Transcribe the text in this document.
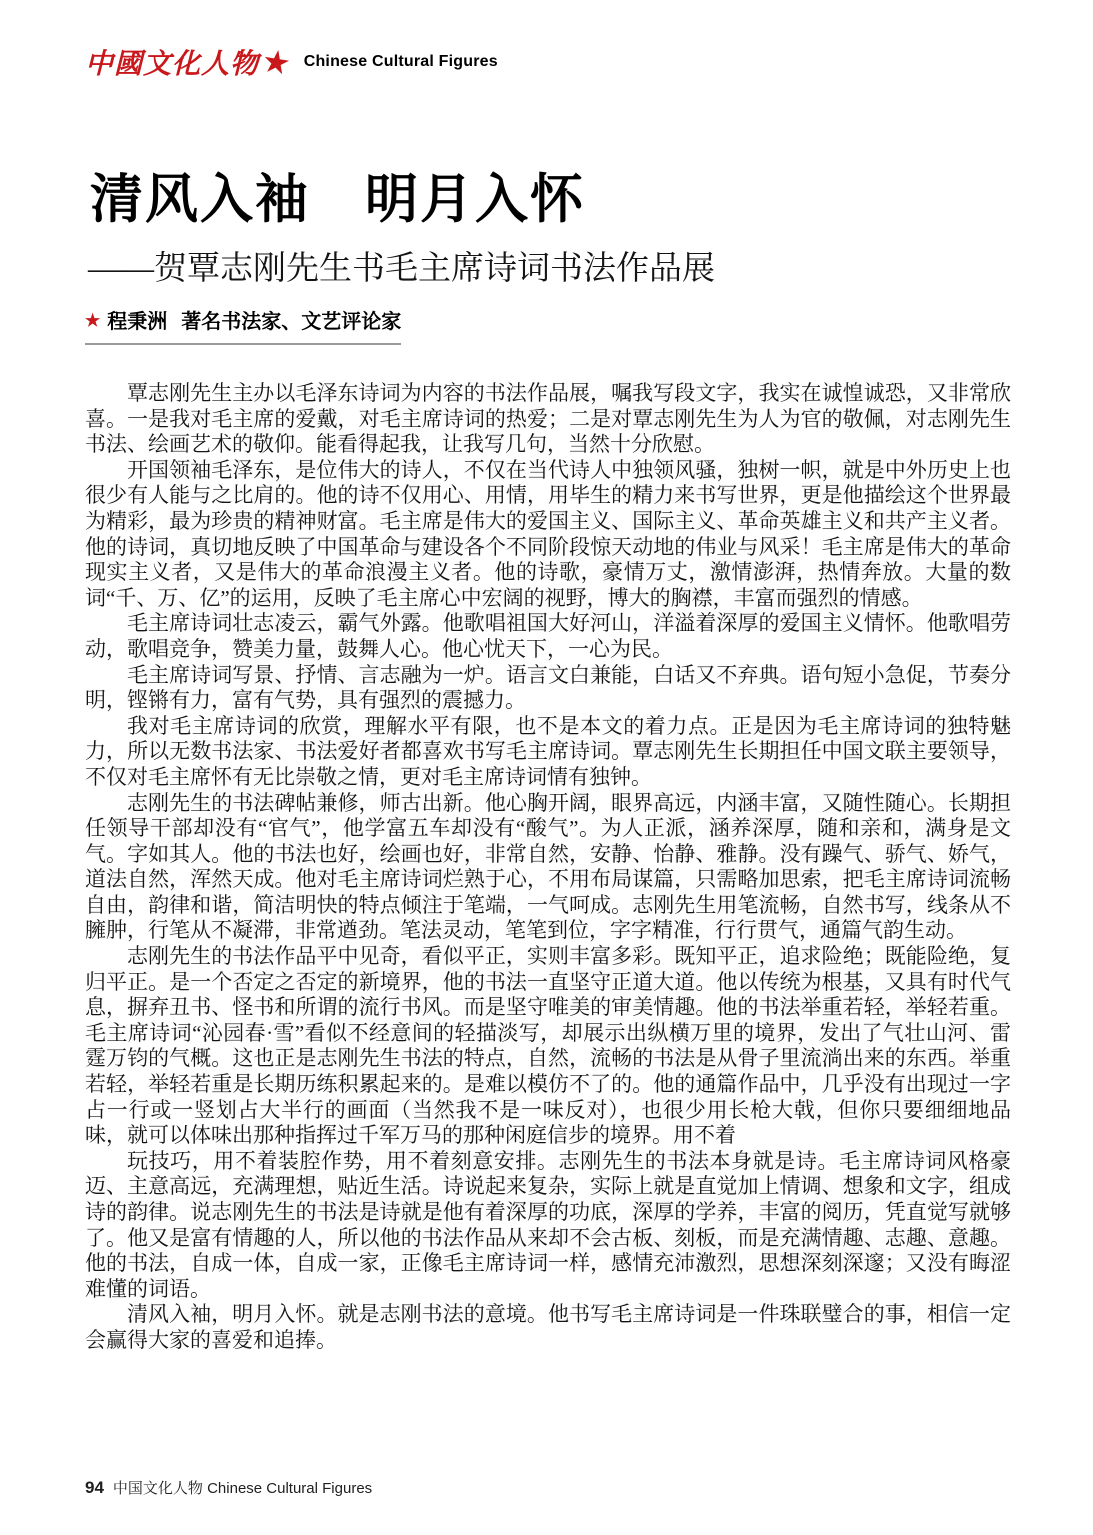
中國文化人物 ★ Chinese Cultural Figures
清风入袖　明月入怀
——贺覃志刚先生书毛主席诗词书法作品展
★ 程秉洲 著名书法家、文艺评论家

覃志刚先生主办以毛泽东诗词为内容的书法作品展，嘱我写段文字，我实在诚惶诚恐，又非常欣喜。一是我对毛主席的爱戴，对毛主席诗词的热爱；二是对覃志刚先生为人为官的敬佩，对志刚先生书法、绘画艺术的敬仰。能看得起我，让我写几句，当然十分欣慰。

开国领袖毛泽东，是位伟大的诗人，不仅在当代诗人中独领风骚，独树一帜，就是中外历史上也很少有人能与之比肩的。他的诗不仅用心、用情，用毕生的精力来书写世界，更是他描绘这个世界最为精彩，最为珍贵的精神财富。毛主席是伟大的爱国主义、国际主义、革命英雄主义和共产主义者。他的诗词，真切地反映了中国革命与建设各个不同阶段惊天动地的伟业与风采！毛主席是伟大的革命现实主义者，又是伟大的革命浪漫主义者。他的诗歌，豪情万丈，激情澎湃，热情奔放。大量的数词“千、万、亿”的运用，反映了毛主席心中宏阔的视野，博大的胸襟，丰富而强烈的情感。

毛主席诗词壮志凌云，霸气外露。他歌唱祖国大好河山，洋溢着深厚的爱国主义情怀。他歌唱劳动，歌唱竞争，赞美力量，鼓舞人心。他心忧天下，一心为民。

毛主席诗词写景、抒情、言志融为一炉。语言文白兼能，白话又不弃典。语句短小急促，节奏分明，铿锵有力，富有气势，具有强烈的震撼力。

我对毛主席诗词的欣赏，理解水平有限，也不是本文的着力点。正是因为毛主席诗词的独特魅力，所以无数书法家、书法爱好者都喜欢书写毛主席诗词。覃志刚先生长期担任中国文联主要领导，不仅对毛主席怀有无比崇敬之情，更对毛主席诗词情有独钟。

志刚先生的书法碑帖兼修，师古出新。他心胸开阔，眼界高远，内涵丰富，又随性随心。长期担任领导干部却没有“官气”，他学富五车却没有“酸气”。为人正派，涵养深厚，随和亲和，满身是文气。字如其人。他的书法也好，绘画也好，非常自然，安静、怡静、雅静。没有躁气、骄气、娇气，道法自然，浑然天成。他对毛主席诗词烂熟于心，不用布局谋篇，只需略加思索，把毛主席诗词流畅自由，韵律和谐，简洁明快的特点倾注于笔端，一气呵成。志刚先生用笔流畅，自然书写，线条从不臃肿，行笔从不凝滞，非常遒劲。笔法灵动，笔笔到位，字字精准，行行贯气，通篇气韵生动。

志刚先生的书法作品平中见奇，看似平正，实则丰富多彩。既知平正，追求险绝；既能险绝，复归平正。是一个否定之否定的新境界，他的书法一直坚守正道大道。他以传统为根基，又具有时代气息，摒弃丑书、怪书和所谓的流行书风。而是坚守唯美的审美情趣。他的书法举重若轻，举轻若重。毛主席诗词“沁园春·雪”看似不经意间的轻描淡写，却展示出纵横万里的境界，发出了气壮山河、雷霆万钧的气概。这也正是志刚先生书法的特点，自然，流畅的书法是从骨子里流淌出来的东西。举重若轻，举轻若重是长期历练积累起来的。是难以模仿不了的。他的通篇作品中，几乎没有出现过一字占一行或一竖划占大半行的画面（当然我不是一味反对），也很少用长枪大戟，但你只要细细地品味，就可以体味出那种指挥过千军万马的那种闲庭信步的境界。用不着

玩技巧，用不着装腔作势，用不着刻意安排。志刚先生的书法本身就是诗。毛主席诗词风格豪迈、主意高远，充满理想，贴近生活。诗说起来复杂，实际上就是直觉加上情调、想象和文字，组成诗的韵律。说志刚先生的书法是诗就是他有着深厚的功底，深厚的学养，丰富的阅历，凭直觉写就够了。他又是富有情趣的人，所以他的书法作品从来却不会古板、刻板，而是充满情趣、志趣、意趣。他的书法，自成一体，自成一家，正像毛主席诗词一样，感情充沛激烈，思想深刻深邃；又没有晦涩难懂的词语。

清风入袖，明月入怀。就是志刚书法的意境。他书写毛主席诗词是一件珠联璧合的事，相信一定会赢得大家的喜爱和追捧。

94 中国文化人物 Chinese Cultural Figures
